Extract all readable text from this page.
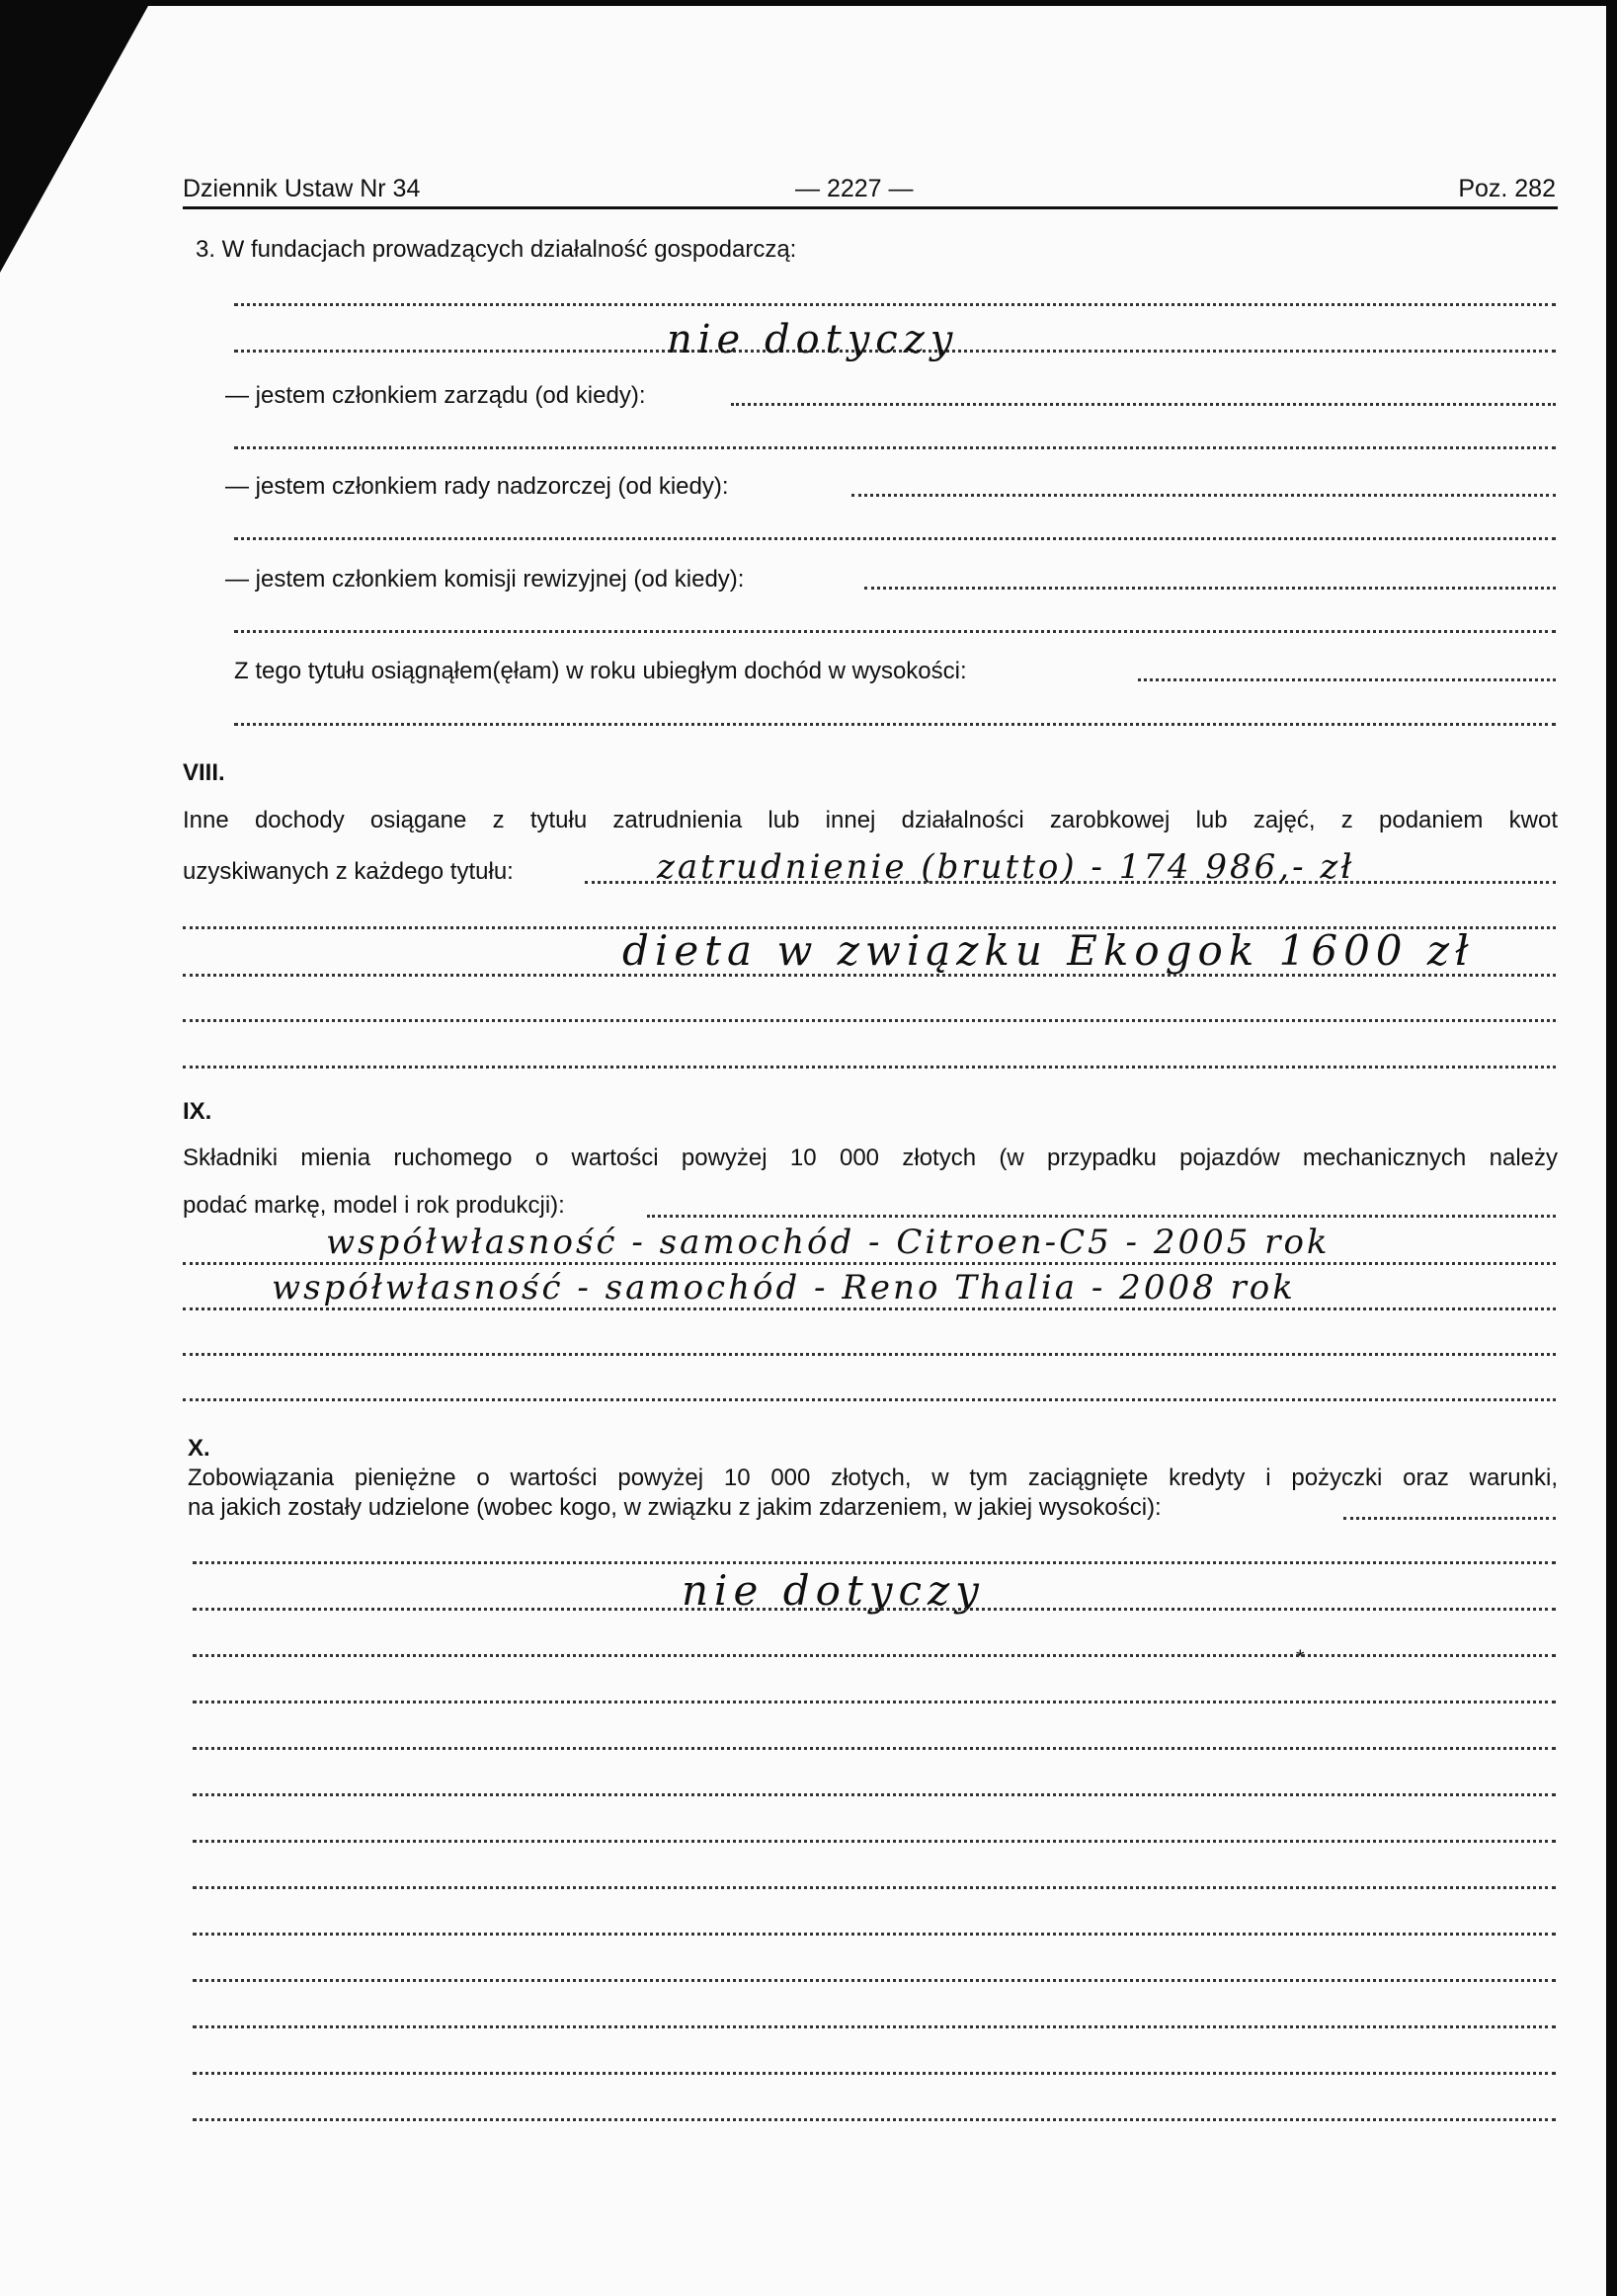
Dziennik Ustaw Nr 34	— 2227 —	Poz. 282
3. W fundacjach prowadzących działalność gospodarczą:
nie dotyczy
— jestem członkiem zarządu (od kiedy):
— jestem członkiem rady nadzorczej (od kiedy):
— jestem członkiem komisji rewizyjnej (od kiedy):
Z tego tytułu osiągnąłem(ęłam) w roku ubiegłym dochód w wysokości:
VIII.
Inne dochody osiągane z tytułu zatrudnienia lub innej działalności zarobkowej lub zajęć, z podaniem kwot
uzyskiwanych z każdego tytułu:	zatrudnienie (brutto) - 174 986,- zł
dieta w związku Ekogok 1600 zł
IX.
Składniki mienia ruchomego o wartości powyżej 10 000 złotych (w przypadku pojazdów mechanicznych należy
podać markę, model i rok produkcji):
współwłasność - samochód - Citroen-C5 - 2005 rok
współwłasność - samochód - Reno Thalia - 2008 rok
X.
Zobowiązania pieniężne o wartości powyżej 10 000 złotych, w tym zaciągnięte kredyty i pożyczki oraz warunki,
na jakich zostały udzielone (wobec kogo, w związku z jakim zdarzeniem, w jakiej wysokości):
nie dotyczy
*
